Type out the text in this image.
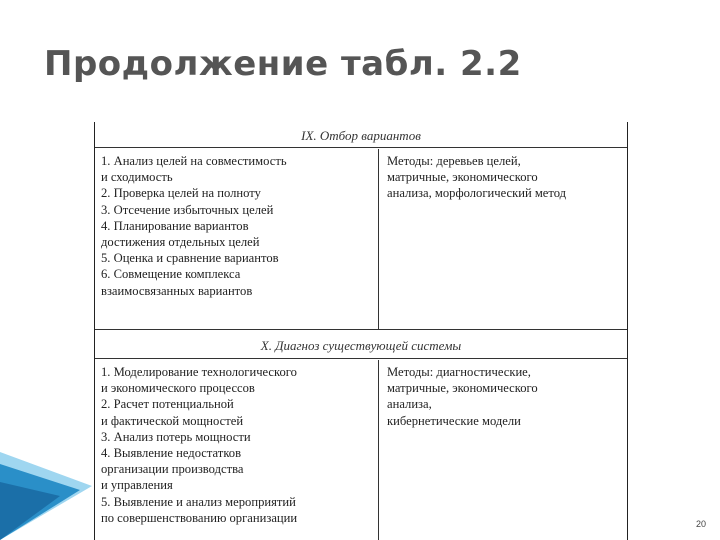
Продолжение табл. 2.2
IX. Отбор вариантов
1. Анализ целей на совместимость
и сходимость
2. Проверка целей на полноту
3. Отсечение избыточных целей
4. Планирование вариантов
достижения отдельных целей
5. Оценка и сравнение вариантов
6. Совмещение комплекса
взаимосвязанных вариантов
Методы: деревьев целей,
матричные, экономического
анализа, морфологический метод
X. Диагноз существующей системы
1. Моделирование технологического
и экономического процессов
2. Расчет потенциальной
и фактической мощностей
3. Анализ потерь мощности
4. Выявление недостатков
организации производства
и управления
5. Выявление и анализ мероприятий
по совершенствованию организации
Методы: диагностические,
матричные, экономического
анализа,
кибернетические модели
20
